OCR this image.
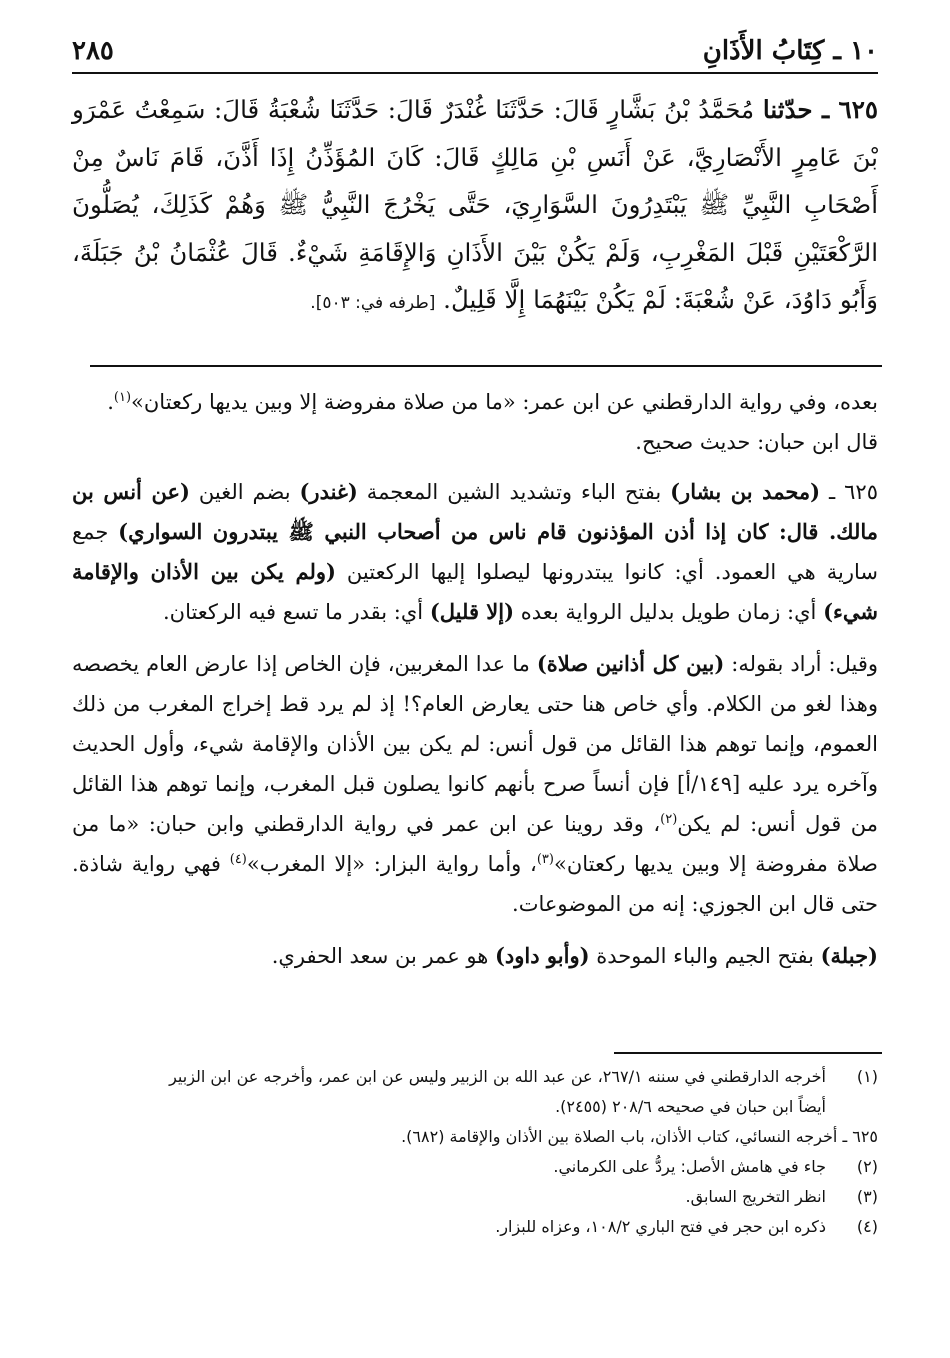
١٠ ـ كِتَابُ الأَذَانِ
٢٨٥
٦٢٥ ـ حدّثنا مُحَمَّدُ بْنُ بَشَّارٍ قَالَ: حَدَّثَنَا غُنْدَرٌ قَالَ: حَدَّثَنَا شُعْبَةُ قَالَ: سَمِعْتُ عَمْرَو بْنَ عَامِرٍ الأَنْصَارِيَّ، عَنْ أَنَسِ بْنِ مَالِكٍ قَالَ: كَانَ المُؤَذِّنُ إِذَا أَذَّنَ، قَامَ نَاسٌ مِنْ أَصْحَابِ النَّبِيِّ ﷺ يَبْتَدِرُونَ السَّوَارِيَ، حَتَّى يَخْرُجَ النَّبِيُّ ﷺ وَهُمْ كَذَلِكَ، يُصَلُّونَ الرَّكْعَتَيْنِ قَبْلَ المَغْرِبِ، وَلَمْ يَكُنْ بَيْنَ الأَذَانِ وَالإِقَامَةِ شَيْءٌ. قَالَ عُثْمَانُ بْنُ جَبَلَةَ، وَأَبُو دَاوُدَ، عَنْ شُعْبَةَ: لَمْ يَكُنْ بَيْنَهُمَا إِلَّا قَلِيلٌ. [طرفه في: ٥٠٣].

بعده، وفي رواية الدارقطني عن ابن عمر: «ما من صلاة مفروضة إلا وبين يديها ركعتان»$^{(١)}$.

قال ابن حبان: حديث صحيح.

٦٢٥ ـ (محمد بن بشار) بفتح الباء وتشديد الشين المعجمة (غندر) بضم الغين (عن أنس بن مالك. قال: كان إذا أذن المؤذنون قام ناس من أصحاب النبي ﷺ يبتدرون السواري) جمع سارية هي العمود. أي: كانوا يبتدرونها ليصلوا إليها الركعتين (ولم يكن بين الأذان والإقامة شيء) أي: زمان طويل بدليل الرواية بعده (إلا قليل) أي: بقدر ما تسع فيه الركعتان.

وقيل: أراد بقوله: (بين كل أذانين صلاة) ما عدا المغربين، فإن الخاص إذا عارض العام يخصصه وهذا لغو من الكلام. وأي خاص هنا حتى يعارض العام؟! إذ لم يرد قط إخراج المغرب من ذلك العموم، وإنما توهم هذا القائل من قول أنس: لم يكن بين الأذان والإقامة شيء، وأول الحديث وآخره يرد عليه [١٤٩/أ] فإن أنساً صرح بأنهم كانوا يصلون قبل المغرب، وإنما توهم هذا القائل من قول أنس: لم يكن$^{(٢)}$، وقد روينا عن ابن عمر في رواية الدارقطني وابن حبان: «ما من صلاة مفروضة إلا وبين يديها ركعتان»$^{(٣)}$، وأما رواية البزار: «إلا المغرب»$^{(٤)}$ فهي رواية شاذة. حتى قال ابن الجوزي: إنه من الموضوعات.

(جبلة) بفتح الجيم والباء الموحدة (وأبو داود) هو عمر بن سعد الحفري.

(١)
أخرجه الدارقطني في سننه ٢٦٧/١، عن عبد الله بن الزبير وليس عن ابن عمر، وأخرجه عن ابن الزبير
أيضاً ابن حبان في صحيحه ٢٠٨/٦ (٢٤٥٥).
٦٢٥ ـ أخرجه النسائي، كتاب الأذان، باب الصلاة بين الأذان والإقامة (٦٨٢).
(٢)
جاء في هامش الأصل: يردُّ على الكرماني.
(٣)
انظر التخريج السابق.
(٤)
ذكره ابن حجر في فتح الباري ١٠٨/٢، وعزاه للبزار.
